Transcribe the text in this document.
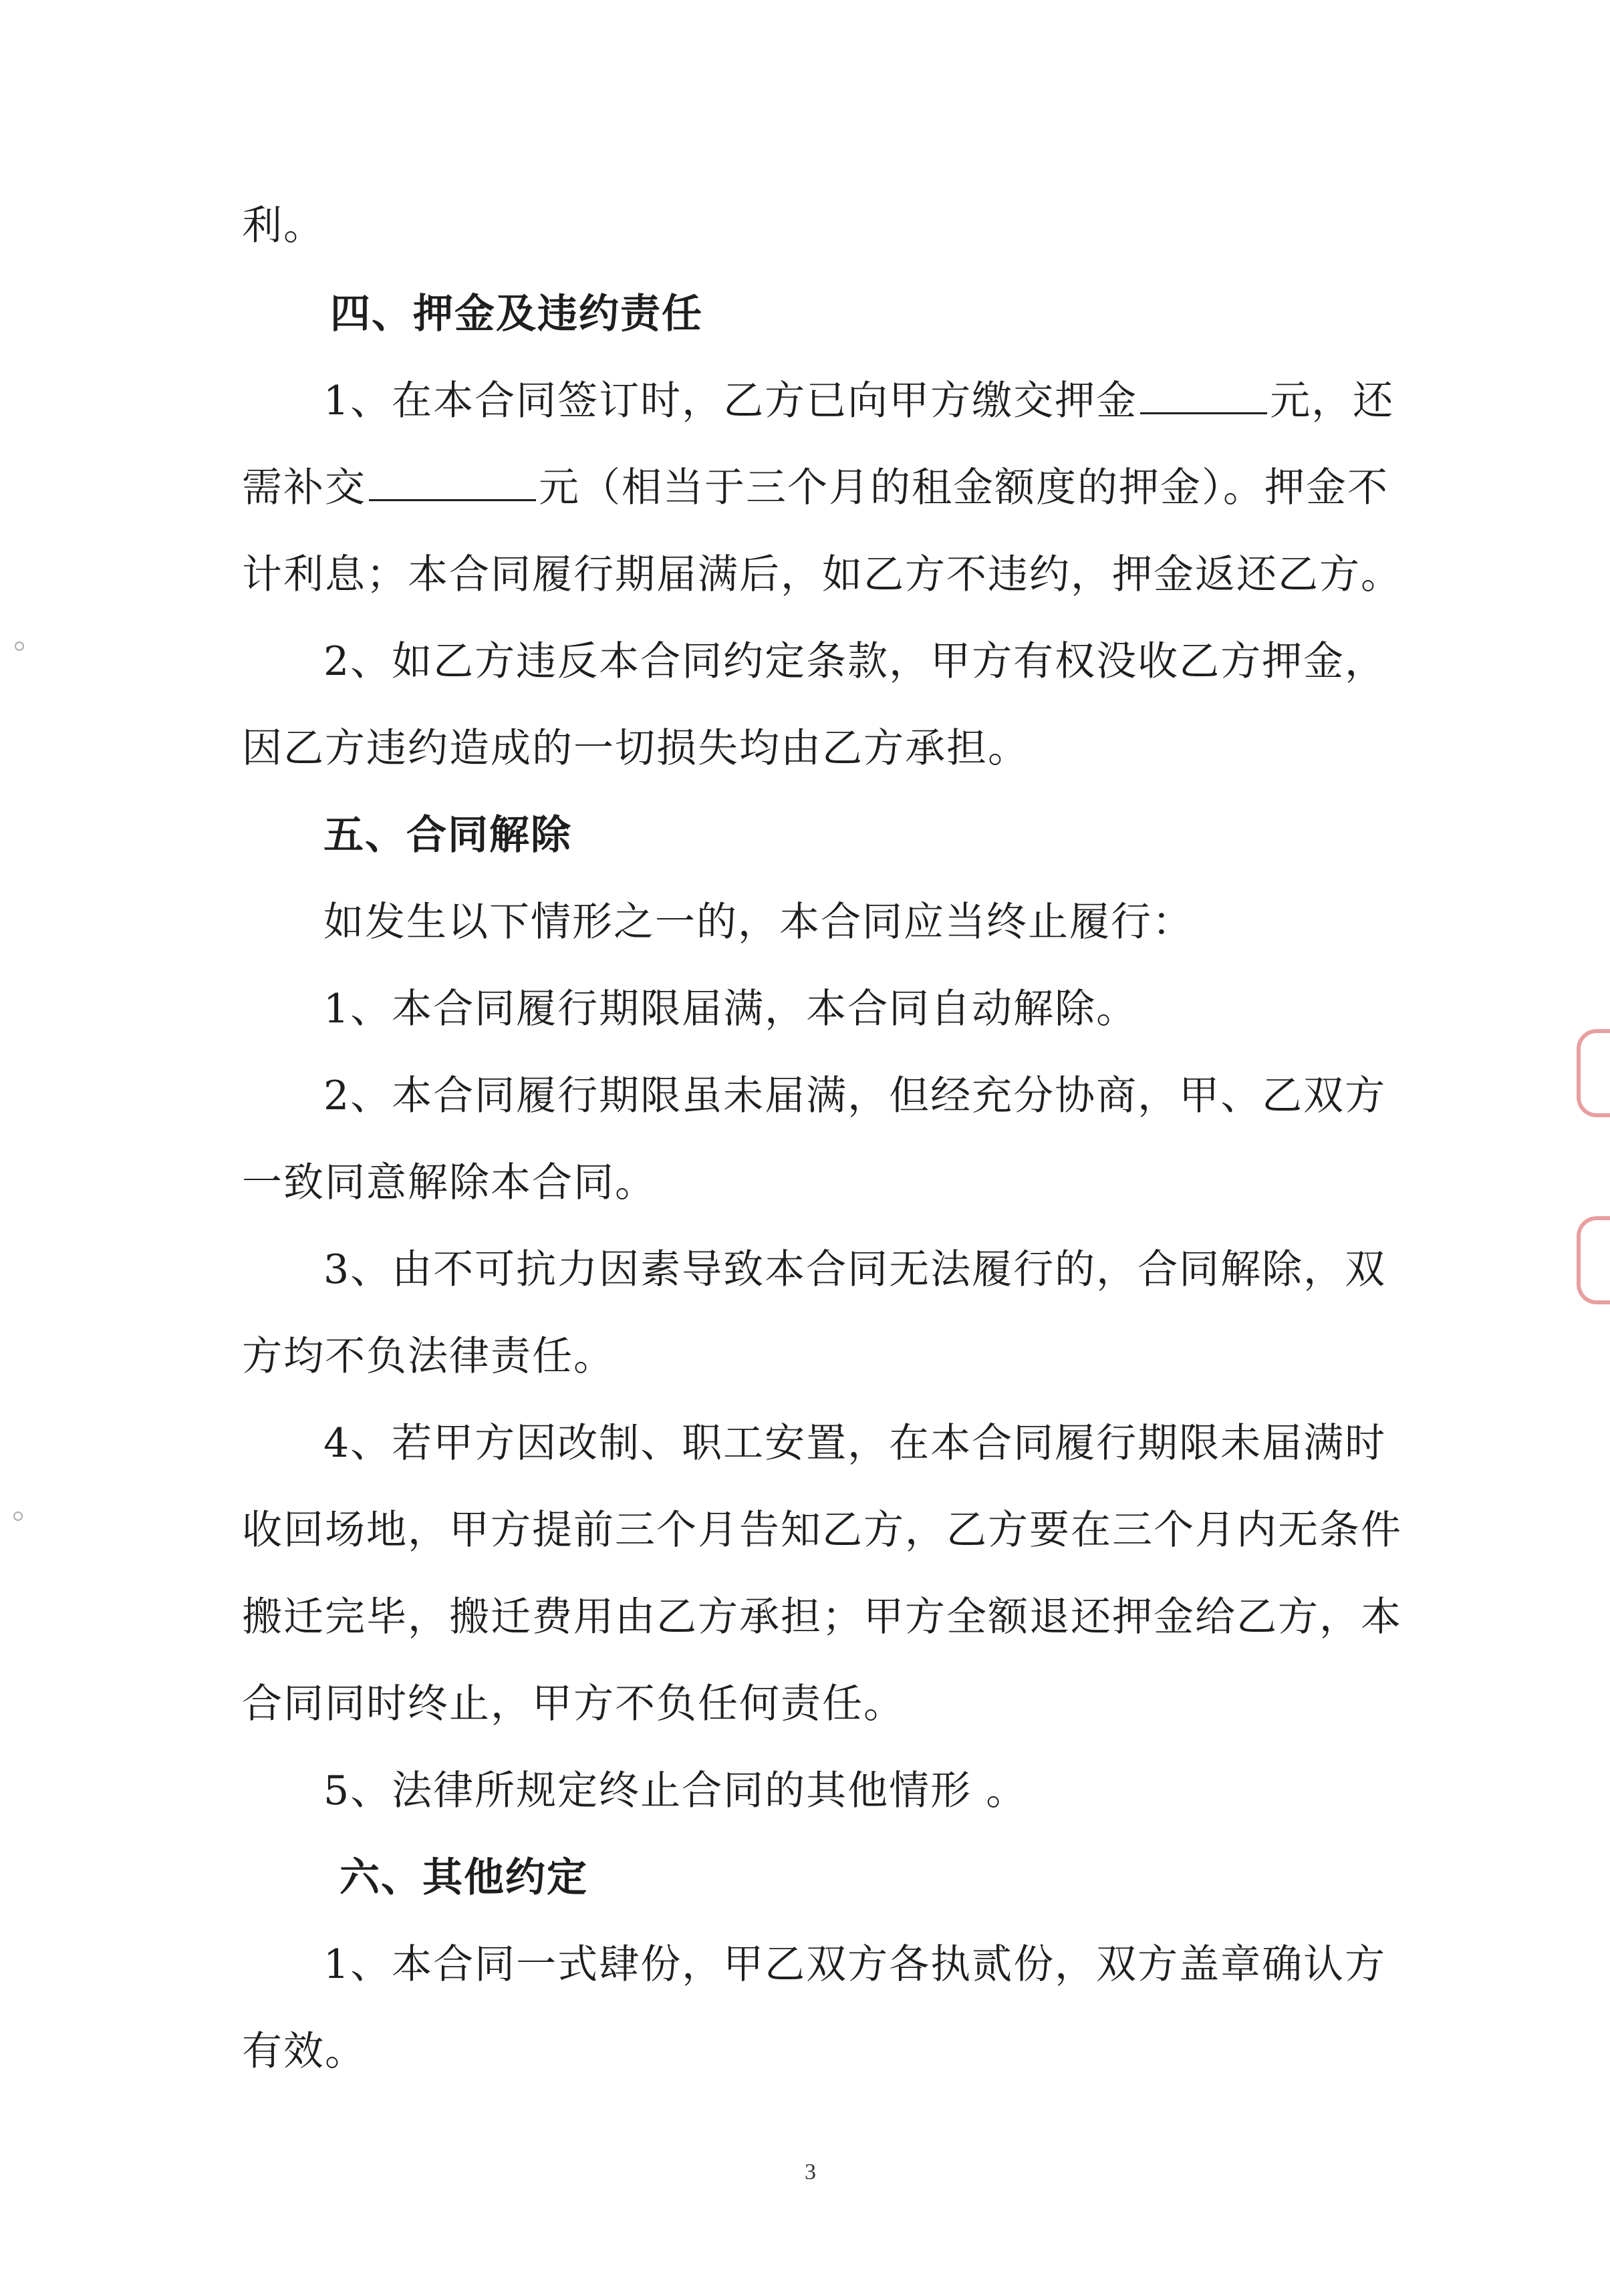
利。
四、押金及违约责任
1、在本合同签订时，乙方已向甲方缴交押金	元，还
需补交	元（相当于三个月的租金额度的押金）。押金不
计利息；本合同履行期届满后，如乙方不违约，押金返还乙方。
2、如乙方违反本合同约定条款，甲方有权没收乙方押金，
因乙方违约造成的一切损失均由乙方承担。
五、合同解除
如发生以下情形之一的，本合同应当终止履行：
1、本合同履行期限届满，本合同自动解除。
2、本合同履行期限虽未届满，但经充分协商，甲、乙双方
一致同意解除本合同。
3、由不可抗力因素导致本合同无法履行的，合同解除，双
方均不负法律责任。
4、若甲方因改制、职工安置，在本合同履行期限未届满时
收回场地，甲方提前三个月告知乙方，乙方要在三个月内无条件
搬迁完毕，搬迁费用由乙方承担；甲方全额退还押金给乙方，本
合同同时终止，甲方不负任何责任。
5、法律所规定终止合同的其他情形 。
六、其他约定
1、本合同一式肆份，甲乙双方各执贰份，双方盖章确认方
有效。
3
